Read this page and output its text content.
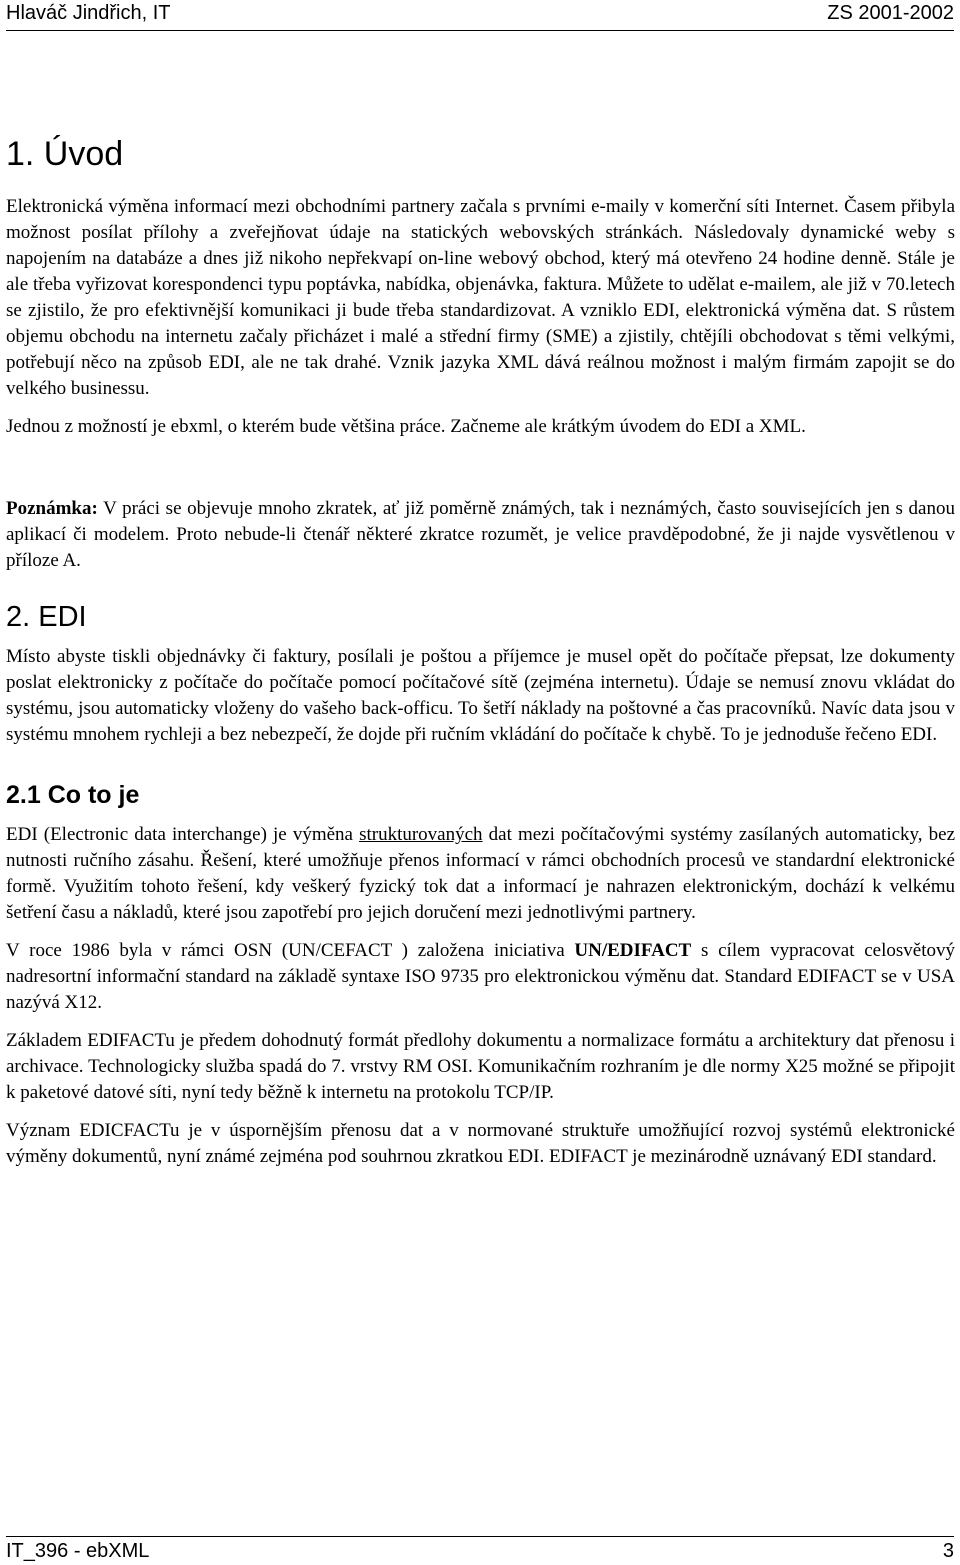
Hlaváč Jindřich, IT	ZS 2001-2002
1. Úvod

Elektronická výměna informací mezi obchodními partnery začala s prvními e-maily v komerční síti Internet. Časem přibyla možnost posílat přílohy a zveřejňovat údaje na statických webovských stránkách. Následovaly dynamické weby s napojením na databáze a dnes již nikoho nepřekvapí on-line webový obchod, který má otevřeno 24 hodine denně. Stále je ale třeba vyřizovat korespondenci typu poptávka, nabídka, objenávka, faktura. Můžete to udělat e-mailem, ale již v 70.letech se zjistilo, že pro efektivnější komunikaci ji bude třeba standardizovat. A vzniklo EDI, elektronická výměna dat. S růstem objemu obchodu na internetu začaly přicházet i malé a střední firmy (SME) a zjistily, chtějíli obchodovat s těmi velkými, potřebují něco na způsob EDI, ale ne tak drahé. Vznik jazyka XML dává reálnou možnost i malým firmám zapojit se do velkého businessu.

Jednou z možností je ebxml, o kterém bude většina práce. Začneme ale krátkým úvodem do EDI a XML.

Poznámka: V práci se objevuje mnoho zkratek, ať již poměrně známých, tak i neznámých, často souvisejících jen s danou aplikací či modelem. Proto nebude-li čtenář některé zkratce rozumět, je velice pravděpodobné, že ji najde vysvětlenou v příloze A.

2. EDI

Místo abyste tiskli objednávky či faktury, posílali je poštou a příjemce je musel opět do počítače přepsat, lze dokumenty poslat elektronicky z počítače do počítače pomocí počítačové sítě (zejména internetu). Údaje se nemusí znovu vkládat do systému, jsou automaticky vloženy do vašeho back-officu. To šetří náklady na poštovné a čas pracovníků. Navíc data jsou v systému mnohem rychleji a bez nebezpečí, že dojde při ručním vkládání do počítače k chybě. To je jednoduše řečeno EDI.

2.1 Co to je

EDI (Electronic data interchange) je výměna strukturovaných dat mezi počítačovými systémy zasílaných automaticky, bez nutnosti ručního zásahu. Řešení, které umožňuje přenos informací v rámci obchodních procesů ve standardní elektronické formě. Využitím tohoto řešení, kdy veškerý fyzický tok dat a informací je nahrazen elektronickým, dochází k velkému šetření času a nákladů, které jsou zapotřebí pro jejich doručení mezi jednotlivými partnery.

V roce 1986 byla v rámci OSN (UN/CEFACT ) založena iniciativa UN/EDIFACT s cílem vypracovat celosvětový nadresortní informační standard na základě syntaxe ISO 9735 pro elektronickou výměnu dat. Standard EDIFACT se v USA nazývá X12.

Základem EDIFACTu je předem dohodnutý formát předlohy dokumentu a normalizace formátu a architektury dat přenosu i archivace. Technologicky služba spadá do 7. vrstvy RM OSI. Komunikačním rozhraním je dle normy X25 možné se připojit k paketové datové síti, nyní tedy běžně k internetu na protokolu TCP/IP.

Význam EDICFACTu je v úspornějším přenosu dat a v normované struktuře umožňující rozvoj systémů elektronické výměny dokumentů, nyní známé zejména pod souhrnou zkratkou EDI. EDIFACT je mezinárodně uznávaný EDI standard.

IT_396 - ebXML	3
